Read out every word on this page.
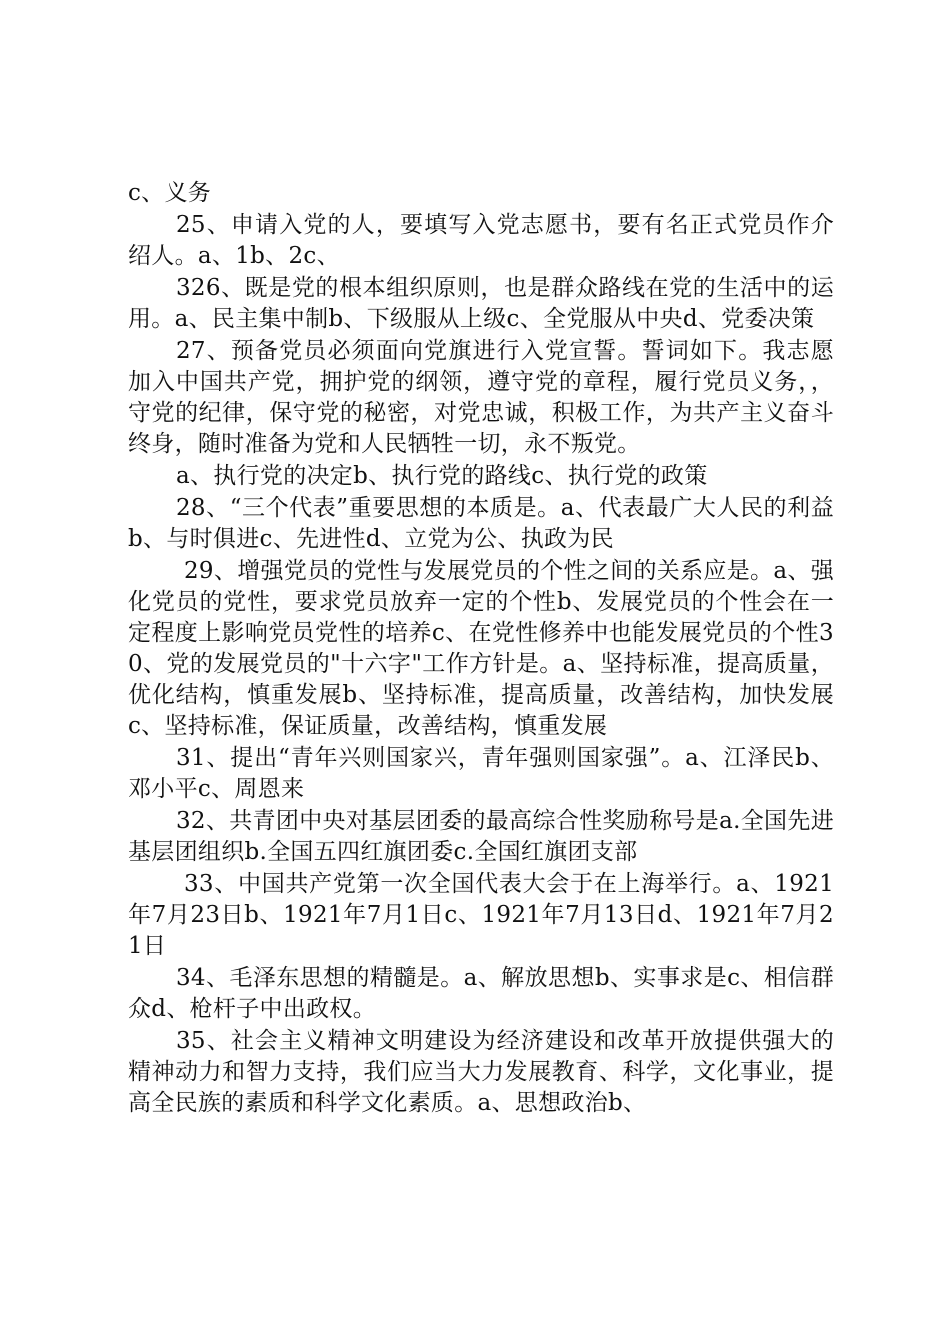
c、义务

25、申请入党的人，要填写入党志愿书，要有名正式党员作介绍人。a、1b、2c、

326、既是党的根本组织原则，也是群众路线在党的生活中的运用。a、民主集中制b、下级服从上级c、全党服从中央d、党委决策

27、预备党员必须面向党旗进行入党宣誓。誓词如下。我志愿加入中国共产党，拥护党的纲领，遵守党的章程，履行党员义务，，守党的纪律，保守党的秘密，对党忠诚，积极工作，为共产主义奋斗终身，随时准备为党和人民牺牲一切，永不叛党。

a、执行党的决定b、执行党的路线c、执行党的政策

28、“三个代表”重要思想的本质是。a、代表最广大人民的利益b、与时俱进c、先进性d、立党为公、执政为民

29、增强党员的党性与发展党员的个性之间的关系应是。a、强化党员的党性，要求党员放弃一定的个性b、发展党员的个性会在一定程度上影响党员党性的培养c、在党性修养中也能发展党员的个性30、党的发展党员的"十六字"工作方针是。a、坚持标准，提高质量，优化结构，慎重发展b、坚持标准，提高质量，改善结构，加快发展c、坚持标准，保证质量，改善结构，慎重发展

31、提出“青年兴则国家兴，青年强则国家强”。a、江泽民b、邓小平c、周恩来

32、共青团中央对基层团委的最高综合性奖励称号是a.全国先进基层团组织b.全国五四红旗团委c.全国红旗团支部

33、中国共产党第一次全国代表大会于在上海举行。a、1921年7月23日b、1921年7月1日c、1921年7月13日d、1921年7月21日

34、毛泽东思想的精髓是。a、解放思想b、实事求是c、相信群众d、枪杆子中出政权。

35、社会主义精神文明建设为经济建设和改革开放提供强大的精神动力和智力支持，我们应当大力发展教育、科学，文化事业，提高全民族的素质和科学文化素质。a、思想政治b、
